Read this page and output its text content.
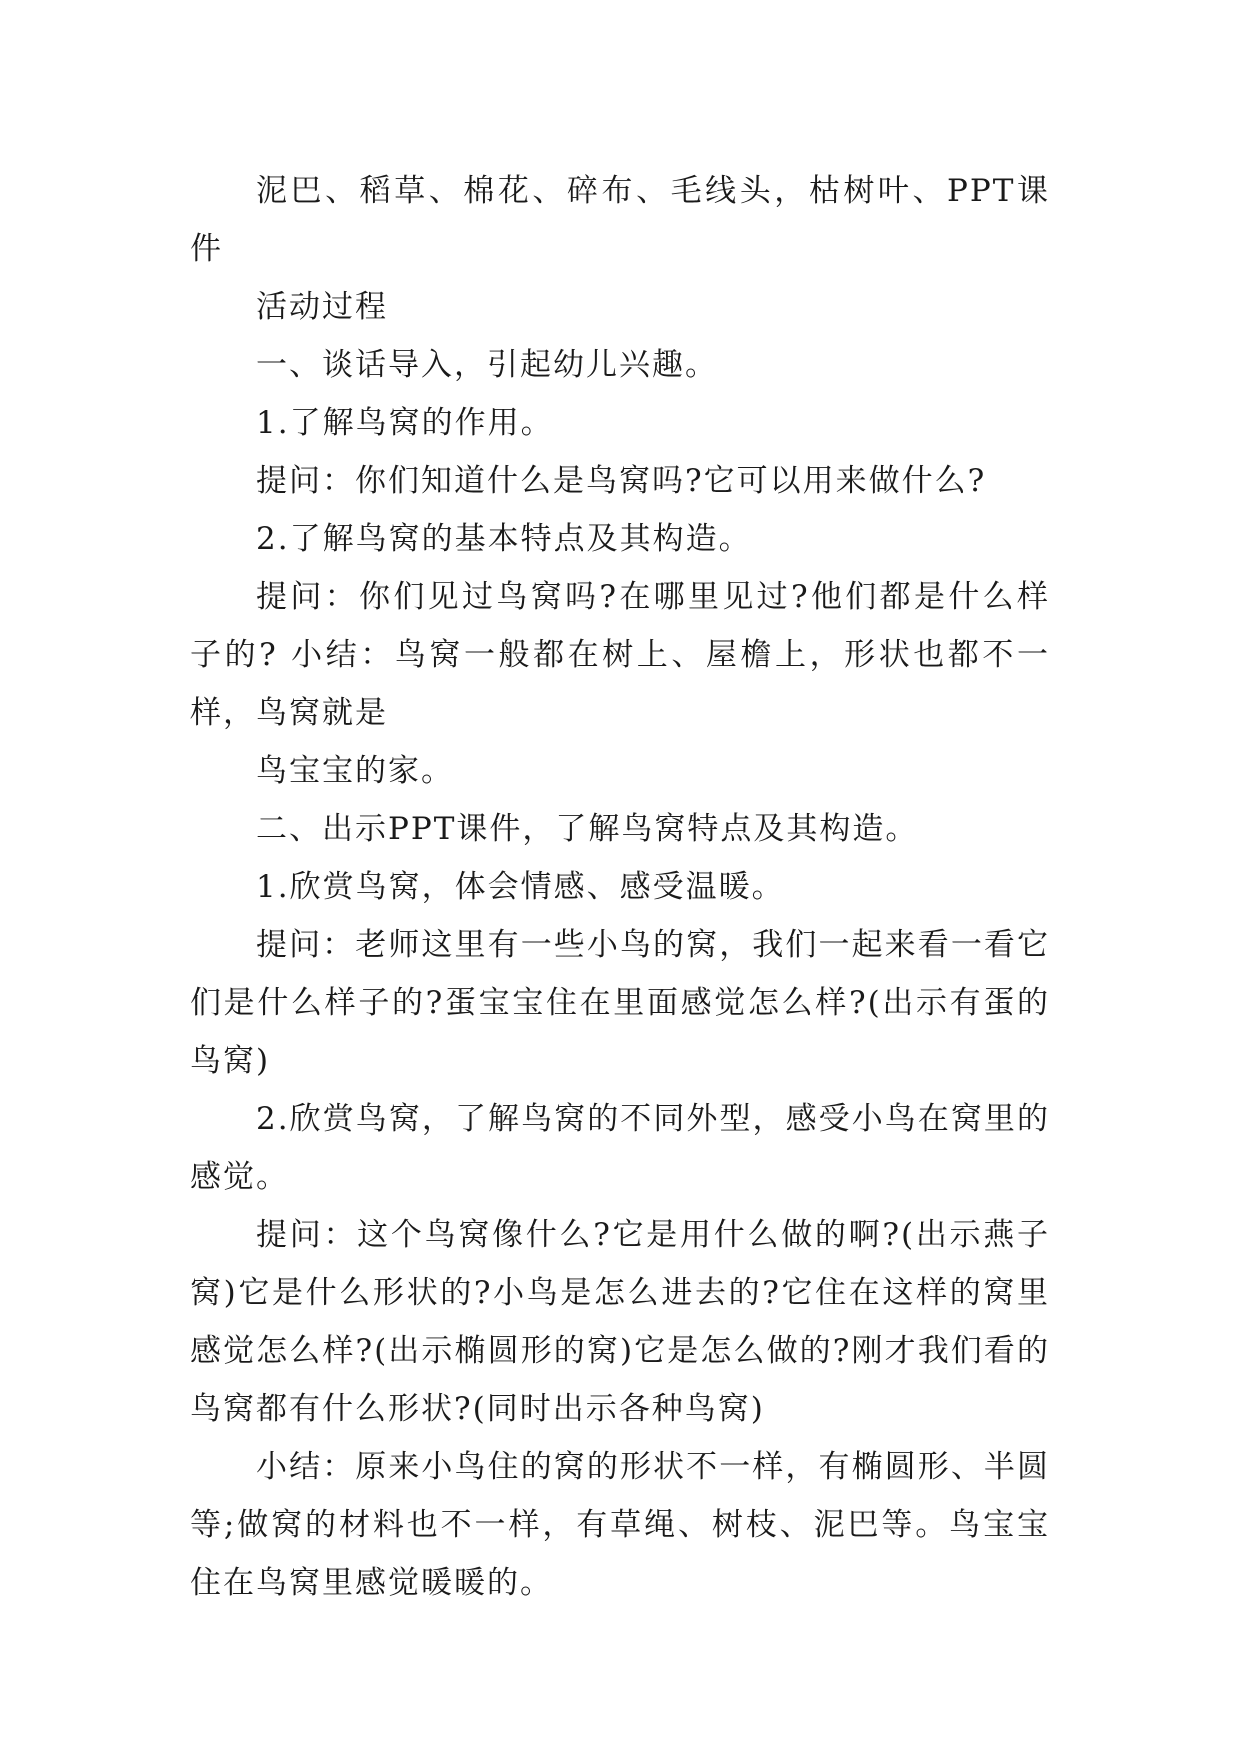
泥巴、稻草、棉花、碎布、毛线头，枯树叶、PPT课件

活动过程

一、谈话导入，引起幼儿兴趣。

1.了解鸟窝的作用。

提问：你们知道什么是鸟窝吗?它可以用来做什么?

2.了解鸟窝的基本特点及其构造。

提问：你们见过鸟窝吗?在哪里见过?他们都是什么样子的? 小结：鸟窝一般都在树上、屋檐上，形状也都不一样，鸟窝就是

鸟宝宝的家。

二、出示PPT课件，了解鸟窝特点及其构造。

1.欣赏鸟窝，体会情感、感受温暖。

提问：老师这里有一些小鸟的窝，我们一起来看一看它们是什么样子的?蛋宝宝住在里面感觉怎么样?(出示有蛋的鸟窝)

2.欣赏鸟窝，了解鸟窝的不同外型，感受小鸟在窝里的感觉。

提问：这个鸟窝像什么?它是用什么做的啊?(出示燕子窝)它是什么形状的?小鸟是怎么进去的?它住在这样的窝里感觉怎么样?(出示椭圆形的窝)它是怎么做的?刚才我们看的鸟窝都有什么形状?(同时出示各种鸟窝)

小结：原来小鸟住的窝的形状不一样，有椭圆形、半圆等;做窝的材料也不一样，有草绳、树枝、泥巴等。鸟宝宝住在鸟窝里感觉暖暖的。
